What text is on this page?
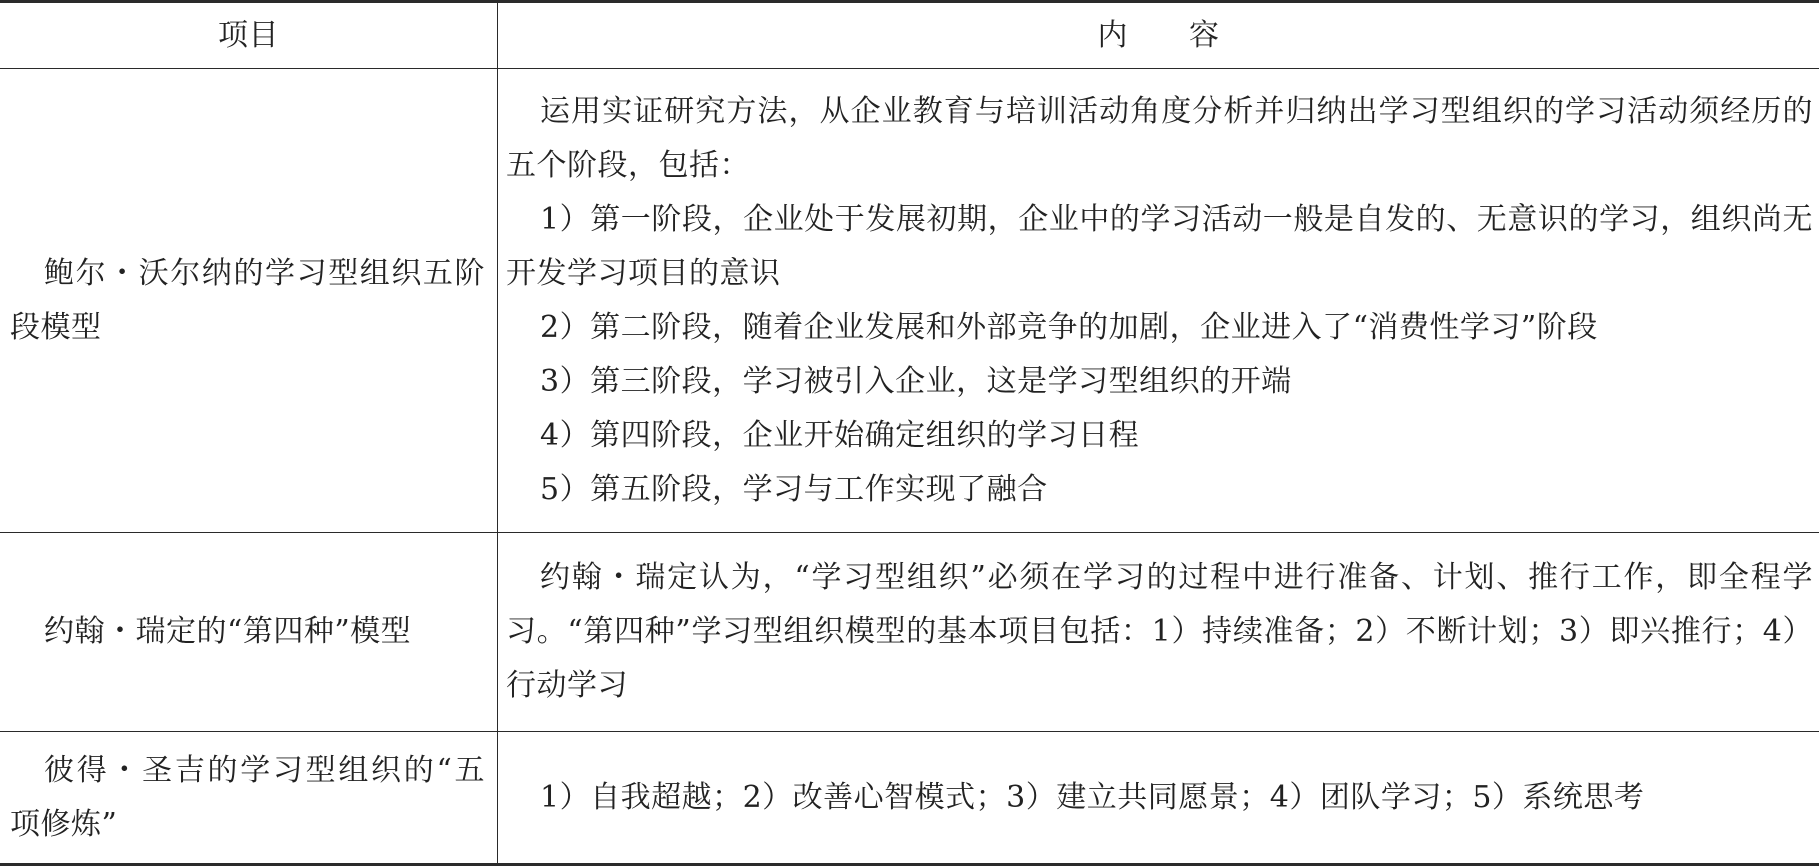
项目	内　　容
鲍尔・沃尔纳的学习型组织五阶段模型

运用实证研究方法，从企业教育与培训活动角度分析并归纳出学习型组织的学习活动须经历的五个阶段，包括：

1）第一阶段，企业处于发展初期，企业中的学习活动一般是自发的、无意识的学习，组织尚无开发学习项目的意识

2）第二阶段，随着企业发展和外部竞争的加剧，企业进入了“消费性学习”阶段

3）第三阶段，学习被引入企业，这是学习型组织的开端

4）第四阶段，企业开始确定组织的学习日程

5）第五阶段，学习与工作实现了融合

约翰・瑞定的“第四种”模型

约翰・瑞定认为，“学习型组织”必须在学习的过程中进行准备、计划、推行工作，即全程学习。“第四种”学习型组织模型的基本项目包括：1）持续准备；2）不断计划；3）即兴推行；4）行动学习

彼得・圣吉的学习型组织的“五项修炼”

1）自我超越；2）改善心智模式；3）建立共同愿景；4）团队学习；5）系统思考
